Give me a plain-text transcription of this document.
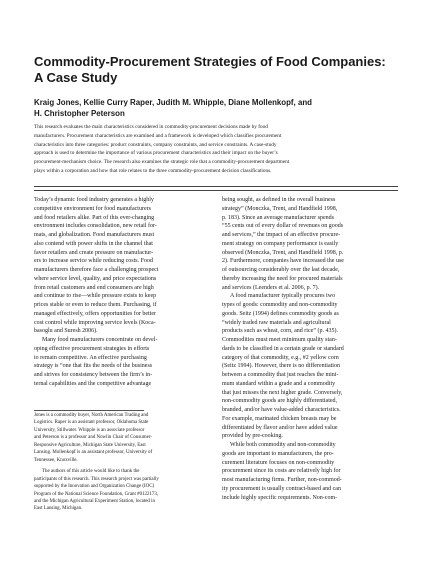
Commodity-Procurement Strategies of Food Companies:
A Case Study
Kraig Jones, Kellie Curry Raper, Judith M. Whipple, Diane Mollenkopf, and
H. Christopher Peterson
This research evaluates the main characteristics considered in commodity-procurement decisions made by food
manufacturers. Procurement characteristics are examined and a framework is developed which classifies procurement
characteristics into three categories: product constraints, company constraints, and service constraints. A case-study
approach is used to determine the importance of various procurement characteristics and their impact on the buyer’s
procurement-mechanism choice. The research also examines the strategic role that a commodity-procurement department
plays within a corporation and how that role relates to the three commodity-procurement decision classifications.
Today’s dynamic food industry generates a highly
competitive environment for food manufacturers
and food retailers alike. Part of this ever-changing
environment includes consolidation, new retail for-
mats, and globalization. Food manufacturers must
also contend with power shifts in the channel that
favor retailers and create pressure on manufactur-
ers to increase service while reducing costs. Food
manufacturers therefore face a challenging prospect
where service level, quality, and price expectations
from retail customers and end consumers are high
and continue to rise—while pressure exists to keep
prices stable or even to reduce them. Purchasing, if
managed effectively, offers opportunities for better
cost control while improving service levels (Koca-
basoglu and Suresh 2006).
Many food manufacturers concentrate on devel-
oping effective procurement strategies in efforts
to remain competitive. An effective purchasing
strategy is “one that fits the needs of the business
and strives for consistency between the firm’s in-
ternal capabilities and the competitive advantage
Jones is a commodity buyer, North American Trading and
Logistics. Raper is an assistant professor, Oklahoma State
University, Stillwater. Whipple is an associate professor
and Peterson is a professor and Nowlin Chair of Consumer-
Responsive Agriculture, Michigan State University, East
Lansing. Mollenkopf is an assistant professor, University of
Tennessee, Knoxville.
The authors of this article would like to thank the
participants of this research. This research project was partially
supported by the Innovation and Organization Change (IOC)
Program of the National Science Foundation, Grant #0122173,
and the Michigan Agricultural Experiment Station, located in
East Lansing, Michigan.
being sought, as defined in the overall business
strategy” (Monczka, Trent, and Handfield 1998,
p. 183). Since an average manufacturer spends
“55 cents out of every dollar of revenues on goods
and services,” the impact of an effective procure-
ment strategy on company performance is easily
observed (Monczka, Trent, and Handfield 1998, p.
2). Furthermore, companies have increased the use
of outsourcing considerably over the last decade,
thereby increasing the need for procured materials
and services (Leenders et al. 2006, p. 7).
A food manufacturer typically procures two
types of goods: commodity and non-commodity
goods. Seitz (1994) defines commodity goods as
“widely traded raw materials and agricultural
products such as wheat, corn, and rice” (p. 435).
Commodities must meet minimum quality stan-
dards to be classified in a certain grade or standard
category of that commodity, e.g., #2 yellow corn
(Seitz 1994). However, there is no differentiation
between a commodity that just reaches the mini-
mum standard within a grade and a commodity
that just misses the next higher grade. Conversely,
non-commodity goods are highly differentiated,
branded, and/or have value-added characteristics.
For example, marinated chicken breasts may be
differentiated by flavor and/or have added value
provided by pre-cooking.
While both commodity and non-commodity
goods are important to manufacturers, the pro-
curement literature focuses on non-commodity
procurement since its costs are relatively high for
most manufacturing firms. Further, non-commod-
ity procurement is usually contract-based and can
include highly specific requirements. Non-com-
